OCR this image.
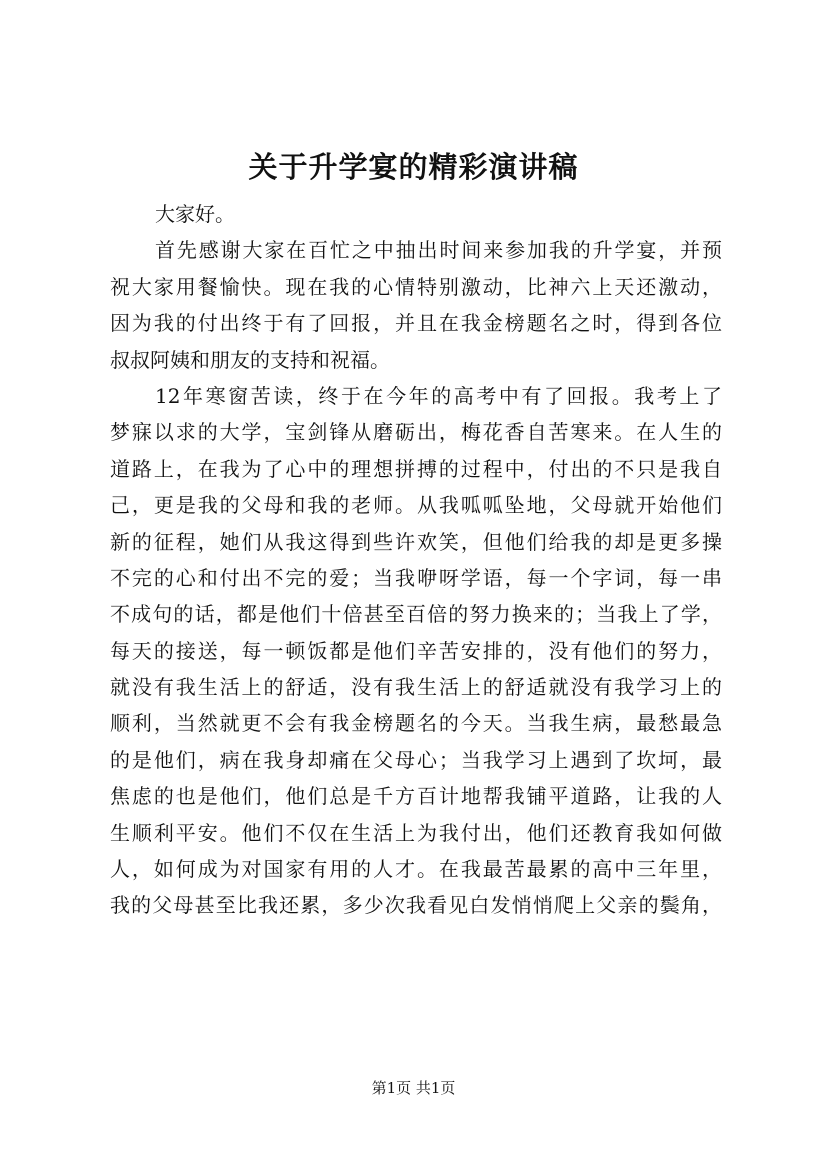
关于升学宴的精彩演讲稿
大家好。
首先感谢大家在百忙之中抽出时间来参加我的升学宴，并预
祝大家用餐愉快。现在我的心情特别激动，比神六上天还激动，
因为我的付出终于有了回报，并且在我金榜题名之时，得到各位
叔叔阿姨和朋友的支持和祝福。
12年寒窗苦读，终于在今年的高考中有了回报。我考上了
梦寐以求的大学，宝剑锋从磨砺出，梅花香自苦寒来。在人生的
道路上，在我为了心中的理想拼搏的过程中，付出的不只是我自
己，更是我的父母和我的老师。从我呱呱坠地，父母就开始他们
新的征程，她们从我这得到些许欢笑，但他们给我的却是更多操
不完的心和付出不完的爱；当我咿呀学语，每一个字词，每一串
不成句的话，都是他们十倍甚至百倍的努力换来的；当我上了学，
每天的接送，每一顿饭都是他们辛苦安排的，没有他们的努力，
就没有我生活上的舒适，没有我生活上的舒适就没有我学习上的
顺利，当然就更不会有我金榜题名的今天。当我生病，最愁最急
的是他们，病在我身却痛在父母心；当我学习上遇到了坎坷，最
焦虑的也是他们，他们总是千方百计地帮我铺平道路，让我的人
生顺利平安。他们不仅在生活上为我付出，他们还教育我如何做
人，如何成为对国家有用的人才。在我最苦最累的高中三年里，
我的父母甚至比我还累，多少次我看见白发悄悄爬上父亲的鬓角，
第1页 共1页
